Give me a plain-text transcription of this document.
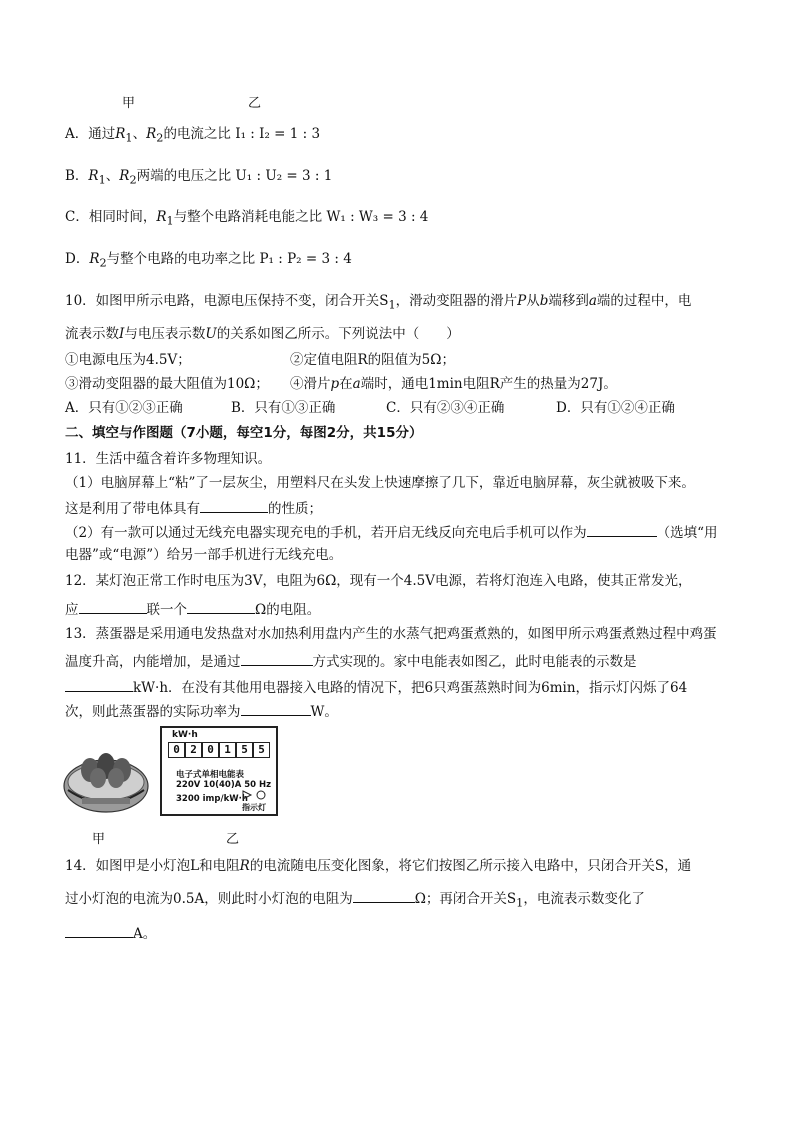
甲	乙
A．通过$R_1$、$R_2$的电流之比 I₁ : I₂ = 1 : 3
B．$R_1$、$R_2$两端的电压之比 U₁ : U₂ = 3 : 1
C．相同时间，$R_1$与整个电路消耗电能之比 W₁ : W₃ = 3 : 4
D．$R_2$与整个电路的电功率之比 P₁ : P₂ = 3 : 4
10．如图甲所示电路，电源电压保持不变，闭合开关$S_1$，滑动变阻器的滑片P从b端移到a端的过程中，电
流表示数I与电压表示数U的关系如图乙所示。下列说法中（　　）
①电源电压为4.5V；	②定值电阻R的阻值为5Ω；
③滑动变阻器的最大阻值为10Ω； ④滑片p在a端时，通电1min电阻R产生的热量为27J。
A．只有①②③正确	B．只有①③正确	C．只有②③④正确	D．只有①②④正确
二、填空与作图题（7小题，每空1分，每图2分，共15分）
11．生活中蕴含着许多物理知识。
（1）电脑屏幕上“粘”了一层灰尘，用塑料尺在头发上快速摩擦了几下，靠近电脑屏幕，灰尘就被吸下来。
这是利用了带电体具有	的性质；
（2）有一款可以通过无线充电器实现充电的手机，若开启无线反向充电后手机可以作为	（选填“用
电器”或“电源”）给另一部手机进行无线充电。
12．某灯泡正常工作时电压为3V，电阻为6Ω，现有一个4.5V电源，若将灯泡连入电路，使其正常发光，
应	联一个	Ω的电阻。
13．蒸蛋器是采用通电发热盘对水加热利用盘内产生的水蒸气把鸡蛋煮熟的，如图甲所示鸡蛋煮熟过程中鸡蛋
温度升高，内能增加，是通过	方式实现的。家中电能表如图乙，此时电能表的示数是
kW·h．在没有其他用电器接入电路的情况下，把6只鸡蛋蒸熟时间为6min，指示灯闪烁了64
次，则此蒸蛋器的实际功率为	W。
kW·h
0 2 0 1 5 5
电子式单相电能表
220V 10(40)A 50 Hz
3200 imp/kW·h
指示灯
甲	乙
14．如图甲是小灯泡L和电阻R的电流随电压变化图象，将它们按图乙所示接入电路中，只闭合开关S，通
过小灯泡的电流为0.5A，则此时小灯泡的电阻为	Ω；再闭合开关$S_1$，电流表示数变化了
A。
